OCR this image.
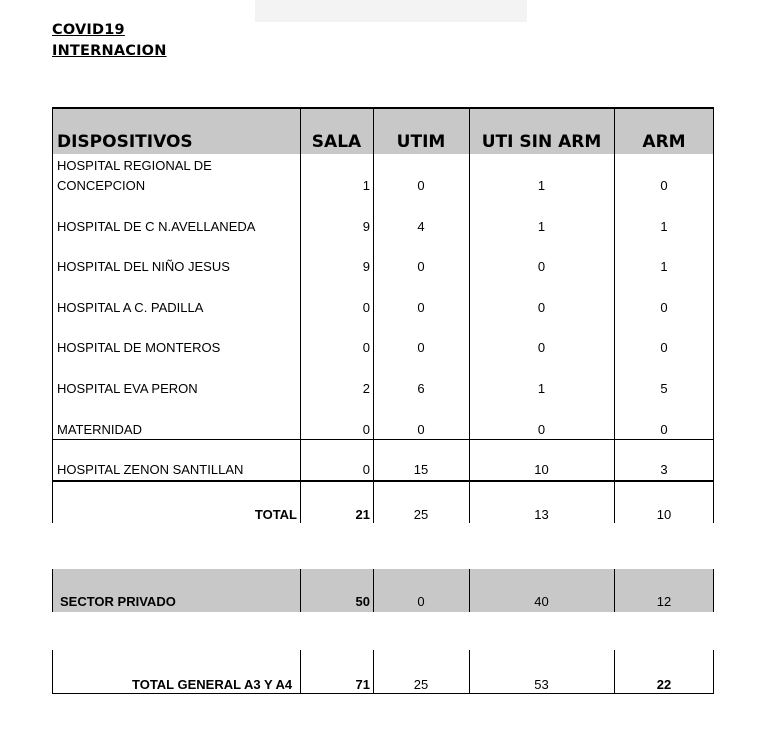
COVID19
INTERNACION
DISPOSITIVOS	SALA	UTIM	UTI SIN ARM	ARM
HOSPITAL REGIONAL DE
CONCEPCION	1	0	1	0
HOSPITAL DE C N.AVELLANEDA	9	4	1	1
HOSPITAL DEL NIÑO JESUS	9	0	0	1
HOSPITAL A C. PADILLA	0	0	0	0
HOSPITAL DE MONTEROS	0	0	0	0
HOSPITAL EVA PERON	2	6	1	5
MATERNIDAD	0	0	0	0
HOSPITAL ZENON SANTILLAN	0	15	10	3
TOTAL	21	25	13	10
SECTOR PRIVADO	50	0	40	12
TOTAL GENERAL A3 Y A4	71	25	53	22
